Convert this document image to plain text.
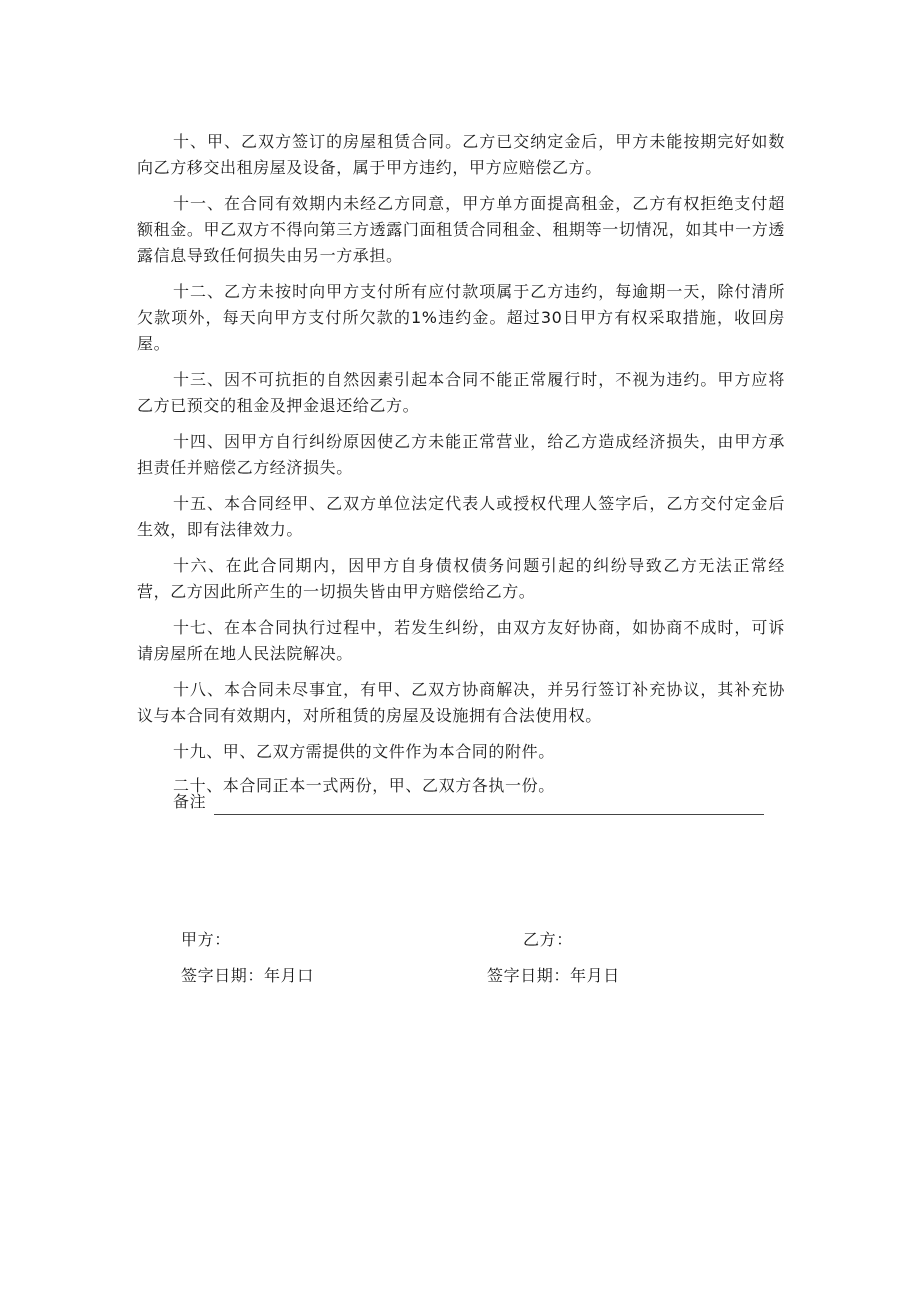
十、甲、乙双方签订的房屋租赁合同。乙方已交纳定金后，甲方未能按期完好如数向乙方移交出租房屋及设备，属于甲方违约，甲方应赔偿乙方。

十一、在合同有效期内未经乙方同意，甲方单方面提高租金，乙方有权拒绝支付超额租金。甲乙双方不得向第三方透露门面租赁合同租金、租期等一切情况，如其中一方透露信息导致任何损失由另一方承担。

十二、乙方未按时向甲方支付所有应付款项属于乙方违约，每逾期一天，除付清所欠款项外，每天向甲方支付所欠款的1%违约金。超过30日甲方有权采取措施，收回房屋。

十三、因不可抗拒的自然因素引起本合同不能正常履行时，不视为违约。甲方应将乙方已预交的租金及押金退还给乙方。

十四、因甲方自行纠纷原因使乙方未能正常营业，给乙方造成经济损失，由甲方承担责任并赔偿乙方经济损失。

十五、本合同经甲、乙双方单位法定代表人或授权代理人签字后，乙方交付定金后生效，即有法律效力。

十六、在此合同期内，因甲方自身债权债务问题引起的纠纷导致乙方无法正常经营，乙方因此所产生的一切损失皆由甲方赔偿给乙方。

十七、在本合同执行过程中，若发生纠纷，由双方友好协商，如协商不成时，可诉请房屋所在地人民法院解决。

十八、本合同未尽事宜，有甲、乙双方协商解决，并另行签订补充协议，其补充协议与本合同有效期内，对所租赁的房屋及设施拥有合法使用权。

十九、甲、乙双方需提供的文件作为本合同的附件。

二十、本合同正本一式两份，甲、乙双方各执一份。

备注
甲方：	乙方：
签字日期：年月口	签字日期：年月日
